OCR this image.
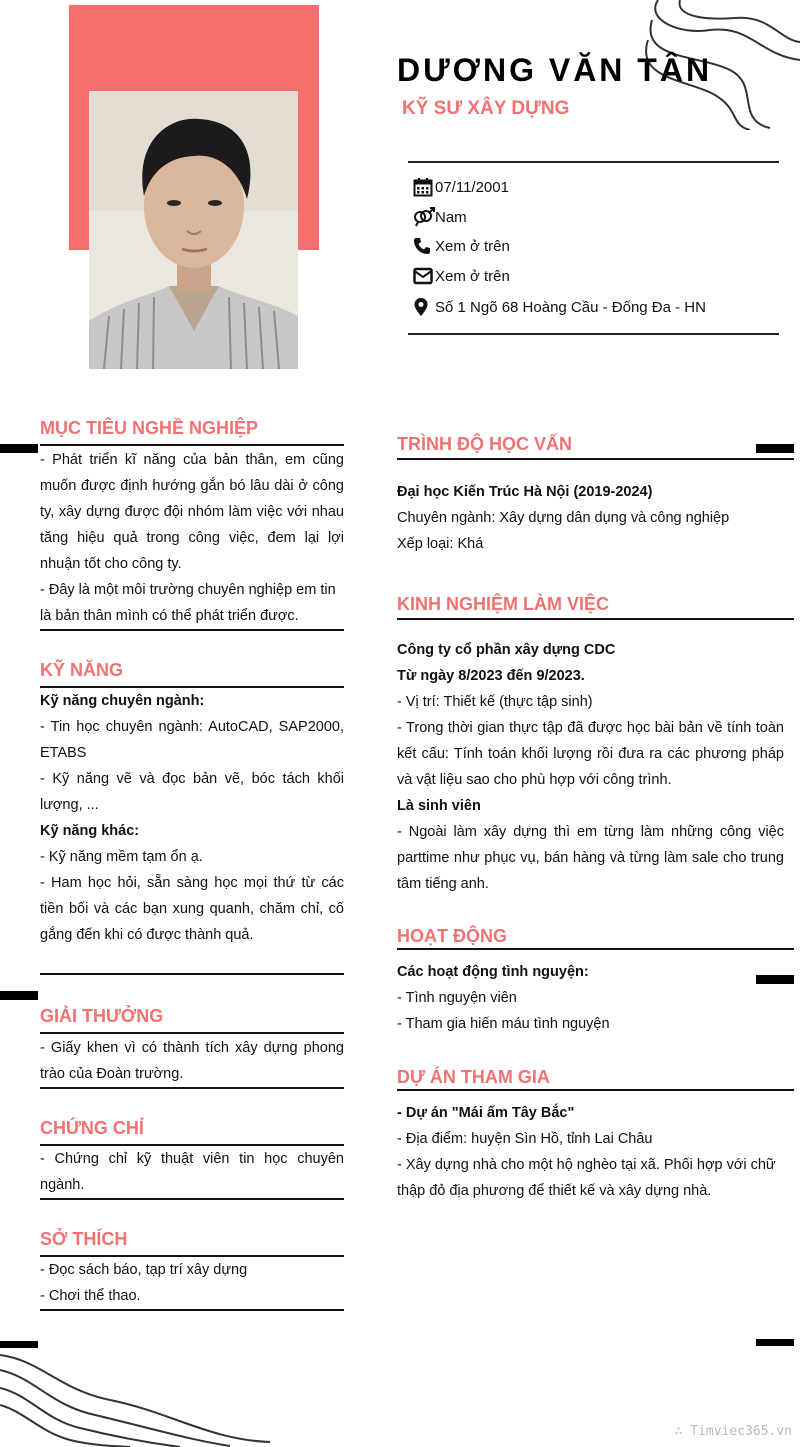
DƯƠNG VĂN TÂN
KỸ SƯ XÂY DỰNG
07/11/2001
Nam
Xem ở trên
Xem ở trên
Số 1 Ngõ 68 Hoàng Cầu - Đống Đa - HN
MỤC TIÊU NGHỀ NGHIỆP
- Phát triển kĩ năng của bản thân, em cũng muốn được định hướng gắn bó lâu dài ở công ty, xây dựng được đội nhóm làm việc với nhau tăng hiệu quả trong công việc, đem lại lợi nhuận tốt cho công ty.
- Đây là một môi trường chuyên nghiệp em tin là bản thân mình có thể phát triển được.
KỸ NĂNG
Kỹ năng chuyên ngành:
- Tin học chuyên ngành: AutoCAD, SAP2000, ETABS
- Kỹ năng vẽ và đọc bản vẽ, bóc tách khối lượng, ...
Kỹ năng khác:
- Kỹ năng mềm tạm ổn ạ.
- Ham học hỏi, sẵn sàng học mọi thứ từ các tiền bối và các bạn xung quanh, chăm chỉ, cố gắng đến khi có được thành quả.
GIẢI THƯỞNG
- Giấy khen vì có thành tích xây dựng phong trào của Đoàn trường.
CHỨNG CHỈ
- Chứng chỉ kỹ thuật viên tin học chuyên ngành.
SỞ THÍCH
- Đọc sách báo, tạp trí xây dựng
- Chơi thể thao.
TRÌNH ĐỘ HỌC VẤN
Đại học Kiến Trúc Hà Nội (2019-2024)
Chuyên ngành: Xây dựng dân dụng và công nghiệp
Xếp loại: Khá
KINH NGHIỆM LÀM VIỆC
Công ty cổ phần xây dựng CDC
Từ ngày 8/2023 đến 9/2023.
- Vị trí: Thiết kế (thực tập sinh)
- Trong thời gian thực tập đã được học bài bản về tính toàn kết cấu: Tính toán khối lượng rồi đưa ra các phương pháp và vật liệu sao cho phù hợp với công trình.
Là sinh viên
- Ngoài làm xây dựng thì em từng làm những công việc parttime như phục vụ, bán hàng và từng làm sale cho trung tâm tiếng anh.
HOẠT ĐỘNG
Các hoạt động tình nguyện:
- Tình nguyện viên
- Tham gia hiến máu tình nguyện
DỰ ÁN THAM GIA
- Dự án "Mái ấm Tây Bắc"
- Địa điểm: huyện Sìn Hồ, tỉnh Lai Châu
- Xây dựng nhà cho một hộ nghèo tại xã. Phối hợp với chữ thập đỏ địa phương để thiết kế và xây dựng nhà.
∴ Timviec365.vn
